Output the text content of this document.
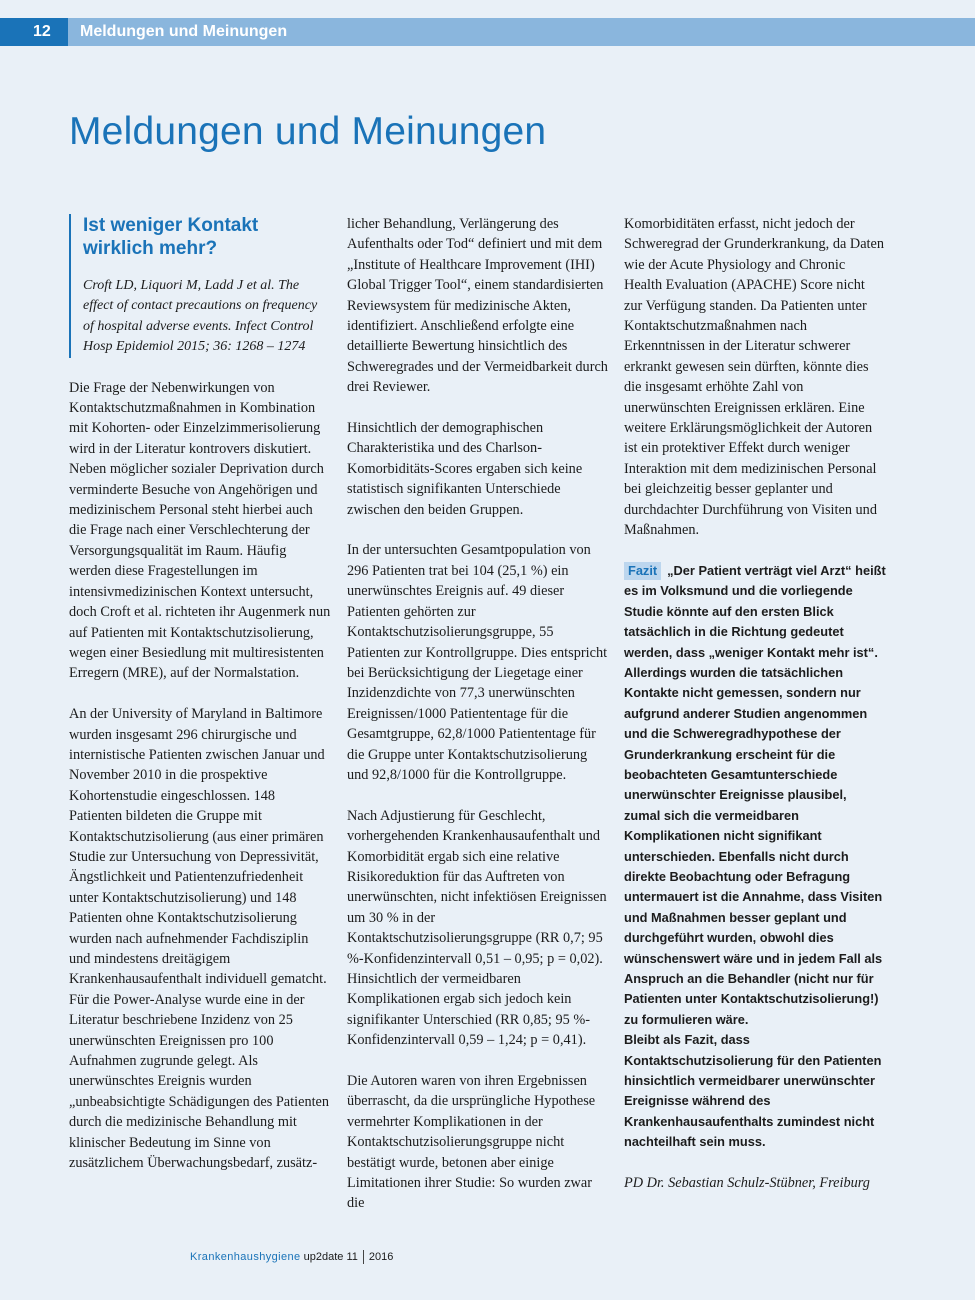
12	Meldungen und Meinungen
Meldungen und Meinungen
Ist weniger Kontakt wirklich mehr?

Croft LD, Liquori M, Ladd J et al. The effect of contact precautions on frequency of hospital adverse events. Infect Control Hosp Epidemiol 2015; 36: 1268 – 1274

Die Frage der Nebenwirkungen von Kontaktschutzmaßnahmen in Kombination mit Kohorten- oder Einzelzimmerisolierung wird in der Literatur kontrovers diskutiert. Neben möglicher sozialer Deprivation durch verminderte Besuche von Angehörigen und medizinischem Personal steht hierbei auch die Frage nach einer Verschlechterung der Versorgungsqualität im Raum. Häufig werden diese Fragestellungen im intensivmedizinischen Kontext untersucht, doch Croft et al. richteten ihr Augenmerk nun auf Patienten mit Kontaktschutzisolierung, wegen einer Besiedlung mit multiresistenten Erregern (MRE), auf der Normalstation.

An der University of Maryland in Baltimore wurden insgesamt 296 chirurgische und internistische Patienten zwischen Januar und November 2010 in die prospektive Kohortenstudie eingeschlossen. 148 Patienten bildeten die Gruppe mit Kontaktschutzisolierung (aus einer primären Studie zur Untersuchung von Depressivität, Ängstlichkeit und Patientenzufriedenheit unter Kontaktschutzisolierung) und 148 Patienten ohne Kontaktschutzisolierung wurden nach aufnehmender Fachdisziplin und mindestens dreitägigem Krankenhausaufenthalt individuell gematcht. Für die Power-Analyse wurde eine in der Literatur beschriebene Inzidenz von 25 unerwünschten Ereignissen pro 100 Aufnahmen zugrunde gelegt. Als unerwünschtes Ereignis wurden „unbeabsichtigte Schädigungen des Patienten durch die medizinische Behandlung mit klinischer Bedeutung im Sinne von zusätzlichem Überwachungsbedarf, zusätz-

licher Behandlung, Verlängerung des Aufenthalts oder Tod“ definiert und mit dem „Institute of Healthcare Improvement (IHI) Global Trigger Tool“, einem standardisierten Reviewsystem für medizinische Akten, identifiziert. Anschließend erfolgte eine detaillierte Bewertung hinsichtlich des Schweregrades und der Vermeidbarkeit durch drei Reviewer.

Hinsichtlich der demographischen Charakteristika und des Charlson-Komorbiditäts-Scores ergaben sich keine statistisch signifikanten Unterschiede zwischen den beiden Gruppen.

In der untersuchten Gesamtpopulation von 296 Patienten trat bei 104 (25,1 %) ein unerwünschtes Ereignis auf. 49 dieser Patienten gehörten zur Kontaktschutzisolierungsgruppe, 55 Patienten zur Kontrollgruppe. Dies entspricht bei Berücksichtigung der Liegetage einer Inzidenzdichte von 77,3 unerwünschten Ereignissen/1000 Patiententage für die Gesamtgruppe, 62,8/1000 Patiententage für die Gruppe unter Kontaktschutzisolierung und 92,8/1000 für die Kontrollgruppe.

Nach Adjustierung für Geschlecht, vorhergehenden Krankenhausaufenthalt und Komorbidität ergab sich eine relative Risikoreduktion für das Auftreten von unerwünschten, nicht infektiösen Ereignissen um 30 % in der Kontaktschutzisolierungsgruppe (RR 0,7; 95 %-Konfidenzintervall 0,51 – 0,95; p = 0,02). Hinsichtlich der vermeidbaren Komplikationen ergab sich jedoch kein signifikanter Unterschied (RR 0,85; 95 %-Konfidenzintervall 0,59 – 1,24; p = 0,41).

Die Autoren waren von ihren Ergebnissen überrascht, da die ursprüngliche Hypothese vermehrter Komplikationen in der Kontaktschutzisolierungsgruppe nicht bestätigt wurde, betonen aber einige Limitationen ihrer Studie: So wurden zwar die

Komorbiditäten erfasst, nicht jedoch der Schweregrad der Grunderkrankung, da Daten wie der Acute Physiology and Chronic Health Evaluation (APACHE) Score nicht zur Verfügung standen. Da Patienten unter Kontaktschutzmaßnahmen nach Erkenntnissen in der Literatur schwerer erkrankt gewesen sein dürften, könnte dies die insgesamt erhöhte Zahl von unerwünschten Ereignissen erklären. Eine weitere Erklärungsmöglichkeit der Autoren ist ein protektiver Effekt durch weniger Interaktion mit dem medizinischen Personal bei gleichzeitig besser geplanter und durchdachter Durchführung von Visiten und Maßnahmen.

Fazit „Der Patient verträgt viel Arzt“ heißt es im Volksmund und die vorliegende Studie könnte auf den ersten Blick tatsächlich in die Richtung gedeutet werden, dass „weniger Kontakt mehr ist“. Allerdings wurden die tatsächlichen Kontakte nicht gemessen, sondern nur aufgrund anderer Studien angenommen und die Schweregradhypothese der Grunderkrankung erscheint für die beobachteten Gesamtunterschiede unerwünschter Ereignisse plausibel, zumal sich die vermeidbaren Komplikationen nicht signifikant unterschieden. Ebenfalls nicht durch direkte Beobachtung oder Befragung untermauert ist die Annahme, dass Visiten und Maßnahmen besser geplant und durchgeführt wurden, obwohl dies wünschenswert wäre und in jedem Fall als Anspruch an die Behandler (nicht nur für Patienten unter Kontaktschutzisolierung!) zu formulieren wäre.

Bleibt als Fazit, dass Kontaktschutzisolierung für den Patienten hinsichtlich vermeidbarer unerwünschter Ereignisse während des Krankenhausaufenthalts zumindest nicht nachteilhaft sein muss.

PD Dr. Sebastian Schulz-Stübner, Freiburg

Krankenhaushygiene up2date 11 2016
